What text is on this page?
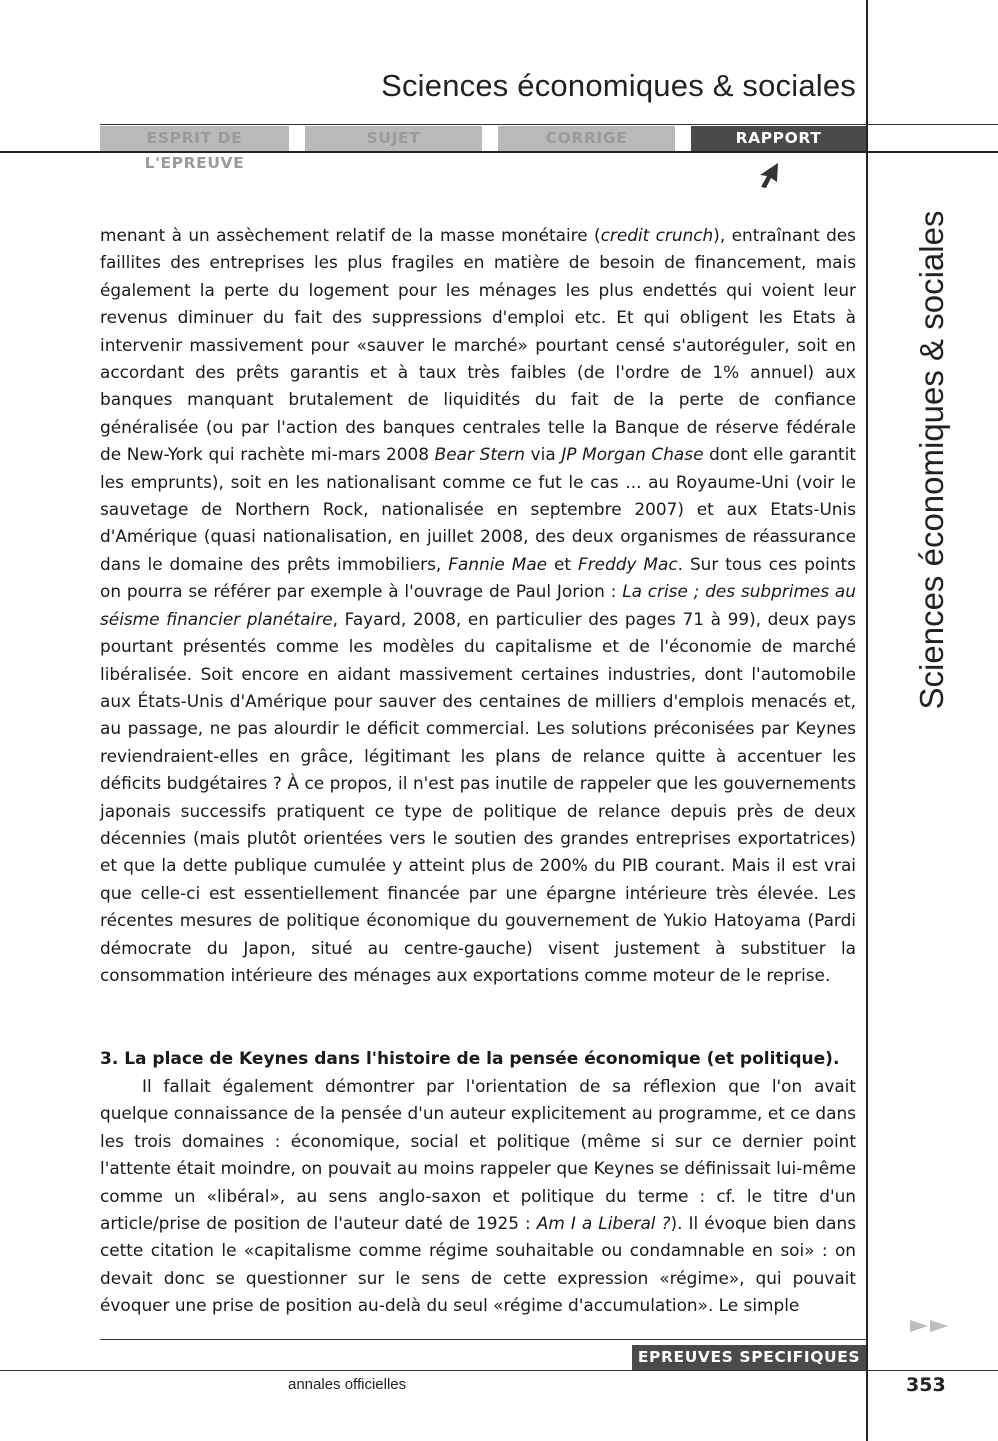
Sciences économiques & sociales
ESPRIT DE L'EPREUVE
SUJET	CORRIGE	RAPPORT
Sciences économiques & sociales

menant à un assèchement relatif de la masse monétaire (credit crunch), entraînant des faillites des entreprises les plus fragiles en matière de besoin de financement, mais également la perte du logement pour les ménages les plus endettés qui voient leur revenus diminuer du fait des suppressions d'emploi etc. Et qui obligent les Etats à intervenir massivement pour «sauver le marché» pourtant censé s'autoréguler, soit en accordant des prêts garantis et à taux très faibles (de l'ordre de 1% annuel) aux banques manquant brutalement de liquidités du fait de la perte de confiance généralisée (ou par l'action des banques centrales telle la Banque de réserve fédérale de New-York qui rachète mi-mars 2008 Bear Stern via JP Morgan Chase dont elle garantit les emprunts), soit en les nationalisant comme ce fut le cas ... au Royaume-Uni (voir le sauvetage de Northern Rock, nationalisée en septembre 2007) et aux Etats-Unis d'Amérique (quasi nationalisation, en juillet 2008, des deux organismes de réassurance dans le domaine des prêts immobiliers, Fannie Mae et Freddy Mac. Sur tous ces points on pourra se référer par exemple à l'ouvrage de Paul Jorion : La crise ; des subprimes au séisme financier planétaire, Fayard, 2008, en particulier des pages 71 à 99), deux pays pourtant présentés comme les modèles du capitalisme et de l'économie de marché libéralisée. Soit encore en aidant massivement certaines industries, dont l'automobile aux États-Unis d'Amérique pour sauver des centaines de milliers d'emplois menacés et, au passage, ne pas alourdir le déficit commercial. Les solutions préconisées par Keynes reviendraient-elles en grâce, légitimant les plans de relance quitte à accentuer les déficits budgétaires ? À ce propos, il n'est pas inutile de rappeler que les gouvernements japonais successifs pratiquent ce type de politique de relance depuis près de deux décennies (mais plutôt orientées vers le soutien des grandes entreprises exportatrices) et que la dette publique cumulée y atteint plus de 200% du PIB courant. Mais il est vrai que celle-ci est essentiellement financée par une épargne intérieure très élevée. Les récentes mesures de politique économique du gouvernement de Yukio Hatoyama (Pardi démocrate du Japon, situé au centre-gauche) visent justement à substituer la consommation intérieure des ménages aux exportations comme moteur de le reprise.

3. La place de Keynes dans l'histoire de la pensée économique (et politique).

Il fallait également démontrer par l'orientation de sa réflexion que l'on avait quelque connaissance de la pensée d'un auteur explicitement au programme, et ce dans les trois domaines : économique, social et politique (même si sur ce dernier point l'attente était moindre, on pouvait au moins rappeler que Keynes se définissait lui-même comme un «libéral», au sens anglo-saxon et politique du terme : cf. le titre d'un article/prise de position de l'auteur daté de 1925 : Am I a Liberal ?). Il évoque bien dans cette citation le «capitalisme comme régime souhaitable ou condamnable en soi» : on devait donc se questionner sur le sens de cette expression «régime», qui pouvait évoquer une prise de position au-delà du seul «régime d'accumulation». Le simple

EPREUVES SPECIFIQUES
annales officielles	353
